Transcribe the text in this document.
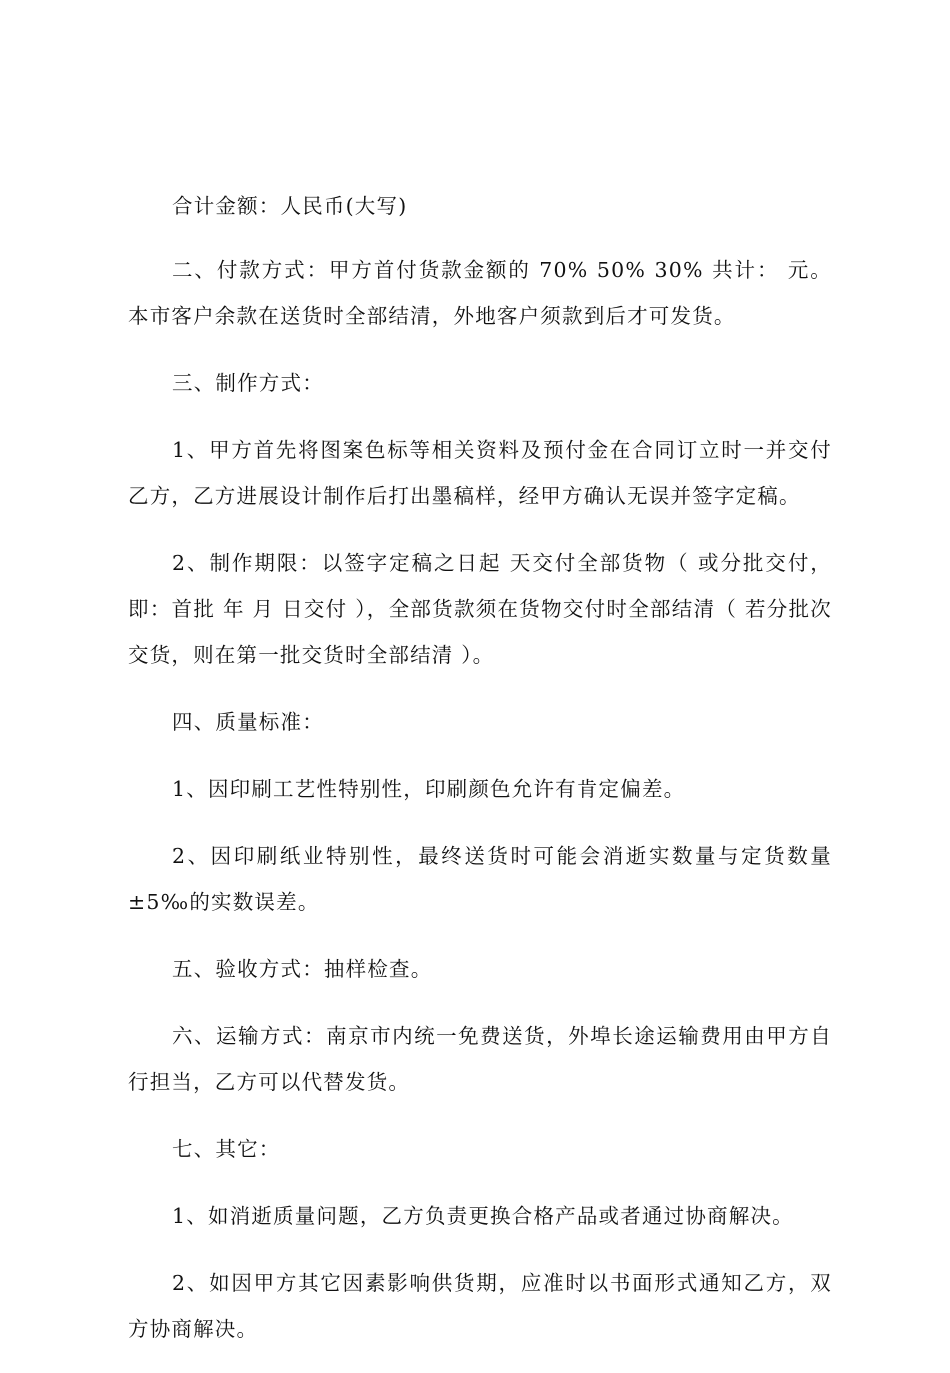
合计金额：人民币(大写)

二、付款方式：甲方首付货款金额的 70% 50% 30% 共计： 元。本市客户余款在送货时全部结清，外地客户须款到后才可发货。

三、制作方式：

1、甲方首先将图案色标等相关资料及预付金在合同订立时一并交付乙方，乙方进展设计制作后打出墨稿样，经甲方确认无误并签字定稿。

2、制作期限：以签字定稿之日起 天交付全部货物（ 或分批交付，即：首批 年 月 日交付 ），全部货款须在货物交付时全部结清（ 若分批次交货，则在第一批交货时全部结清 ）。

四、质量标准：

1、因印刷工艺性特别性，印刷颜色允许有肯定偏差。

2、因印刷纸业特别性，最终送货时可能会消逝实数量与定货数量±5‰的实数误差。

五、验收方式：抽样检查。

六、运输方式：南京市内统一免费送货，外埠长途运输费用由甲方自行担当，乙方可以代替发货。

七、其它：

1、如消逝质量问题，乙方负责更换合格产品或者通过协商解决。

2、如因甲方其它因素影响供货期，应准时以书面形式通知乙方，双方协商解决。
